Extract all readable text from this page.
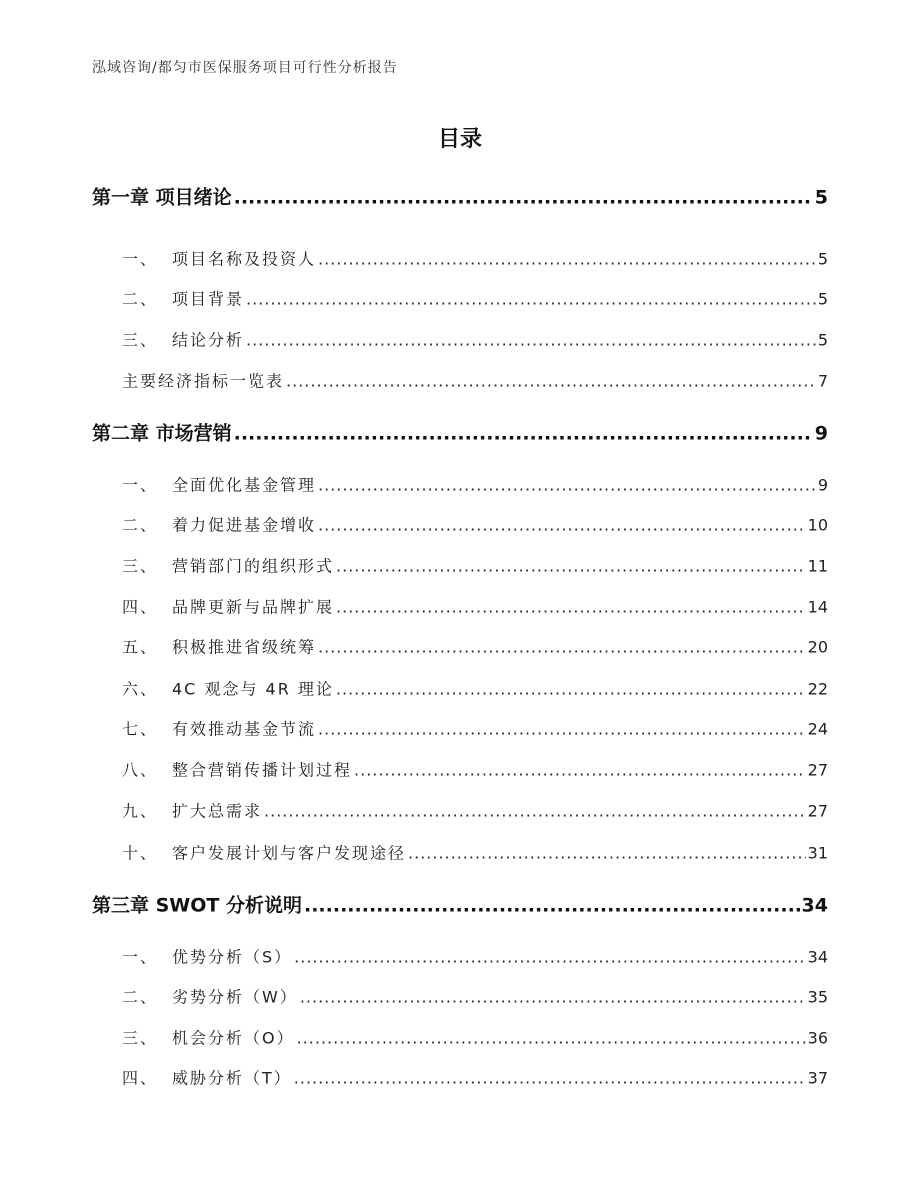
泓域咨询/都匀市医保服务项目可行性分析报告
目录
第一章 项目绪论 .....	5
一、 项目名称及投资人 .....	5
二、 项目背景 .....	5
三、 结论分析 .....	5
主要经济指标一览表 .....	7
第二章 市场营销 .....	9
一、 全面优化基金管理 .....	9
二、 着力促进基金增收 .....	10
三、 营销部门的组织形式 .....	11
四、 品牌更新与品牌扩展 .....	14
五、 积极推进省级统筹 .....	20
六、 4C 观念与 4R 理论 .....	22
七、 有效推动基金节流 .....	24
八、 整合营销传播计划过程 .....	27
九、 扩大总需求 .....	27
十、 客户发展计划与客户发现途径 .....	31
第三章 SWOT 分析说明 .....	34
一、 优势分析（S） .....	34
二、 劣势分析（W） .....	35
三、 机会分析（O） .....	36
四、 威胁分析（T） .....	37
